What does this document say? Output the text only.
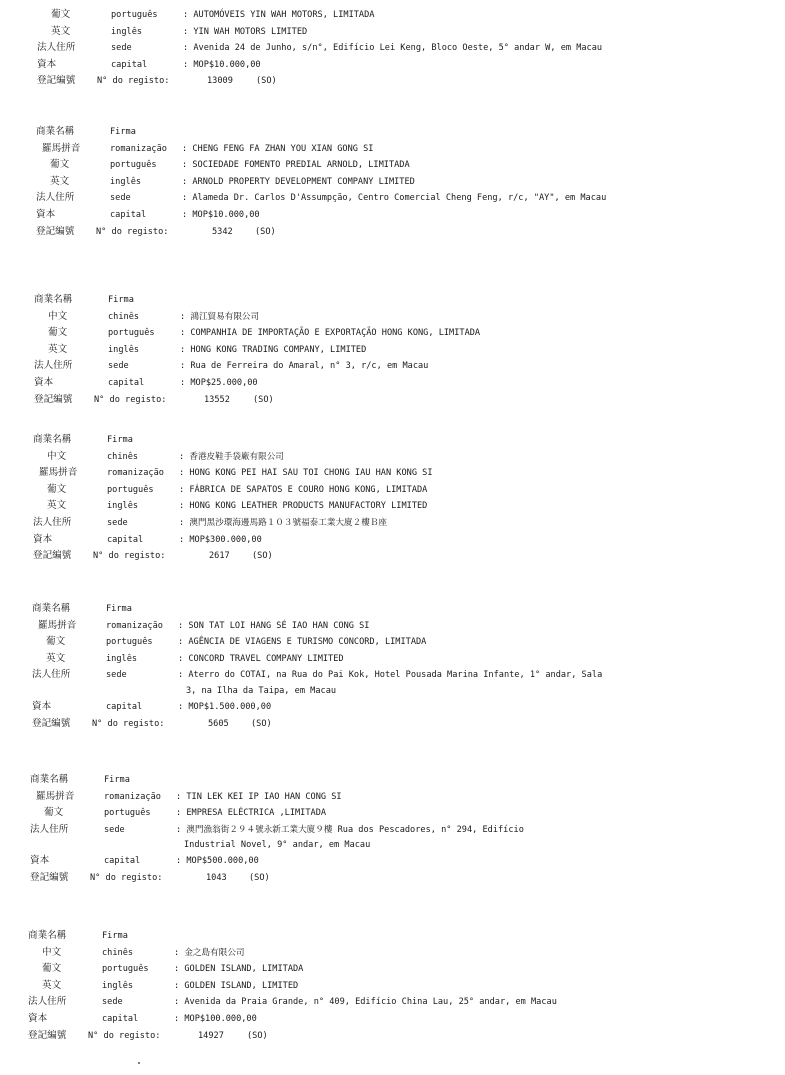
葡文	português	: AUTOMÓVEIS YIN WAH MOTORS, LIMITADA
英文	inglês	: YIN WAH MOTORS LIMITED
法人住所	sede	: Avenida 24 de Junho, s/n°, Edifício Lei Keng, Bloco Oeste, 5° andar W, em Macau
資本	capital	: MOP$10.000,00
登記編號	N° do registo:	13009	(SO)
商業名稱	Firma
羅馬拼音	romanização : CHENG FENG FA ZHAN YOU XIAN GONG SI
葡文	português	: SOCIEDADE FOMENTO PREDIAL ARNOLD, LIMITADA
英文	inglês	: ARNOLD PROPERTY DEVELOPMENT COMPANY LIMITED
法人住所	sede	: Alameda Dr. Carlos D'Assumpção, Centro Comercial Cheng Feng, r/c, "AY", em Macau
資本	capital	: MOP$10.000,00
登記編號	N° do registo:	5342	(SO)
商業名稱	Firma
中文	chinês	: 鴻江貿易有限公司
葡文	português	: COMPANHIA DE IMPORTAÇÃO E EXPORTAÇÃO HONG KONG, LIMITADA
英文	inglês	: HONG KONG TRADING COMPANY, LIMITED
法人住所	sede	: Rua de Ferreira do Amaral, n° 3, r/c, em Macau
資本	capital	: MOP$25.000,00
登記編號	N° do registo:	13552	(SO)
商業名稱	Firma
中文	chinês	: 香港皮鞋手袋廠有限公司
羅馬拼音	romanização : HONG KONG PEI HAI SAU TOI CHONG IAU HAN KONG SI
葡文	português	: FÁBRICA DE SAPATOS E COURO HONG KONG, LIMITADA
英文	inglês	: HONG KONG LEATHER PRODUCTS MANUFACTORY LIMITED
法人住所	sede	: 澳門黑沙環海邊馬路１０３號福泰工業大廈２樓Ｂ座
資本	capital	: MOP$300.000,00
登記編號	N° do registo:	2617	(SO)
商業名稱	Firma
羅馬拼音	romanização : SON TAT LOI HANG SÉ IAO HAN CONG SI
葡文	português	: AGÊNCIA DE VIAGENS E TURISMO CONCORD, LIMITADA
英文	inglês	: CONCORD TRAVEL COMPANY LIMITED
法人住所	sede	: Aterro do COTAI, na Rua do Pai Kok, Hotel Pousada Marina Infante, 1° andar, Sala
3, na Ilha da Taipa, em Macau
資本	capital	: MOP$1.500.000,00
登記編號	N° do registo:	5605	(SO)
商業名稱	Firma
羅馬拼音	romanização : TIN LEK KEI IP IAO HAN CONG SI
葡文	português	: EMPRESA ELÉCTRICA ,LIMITADA
法人住所	sede	: 澳門漁翁街２９４號永新工業大廈９樓 Rua dos Pescadores, n° 294, Edifício
Industrial Novel, 9° andar, em Macau
資本	capital	: MOP$500.000,00
登記編號	N° do registo:	1043	(SO)
商業名稱	Firma
中文	chinês	: 金之島有限公司
葡文	português	: GOLDEN ISLAND, LIMITADA
英文	inglês	: GOLDEN ISLAND, LIMITED
法人住所	sede	: Avenida da Praia Grande, n° 409, Edifício China Lau, 25° andar, em Macau
資本	capital	: MOP$100.000,00
登記編號	N° do registo:	14927	(SO)
